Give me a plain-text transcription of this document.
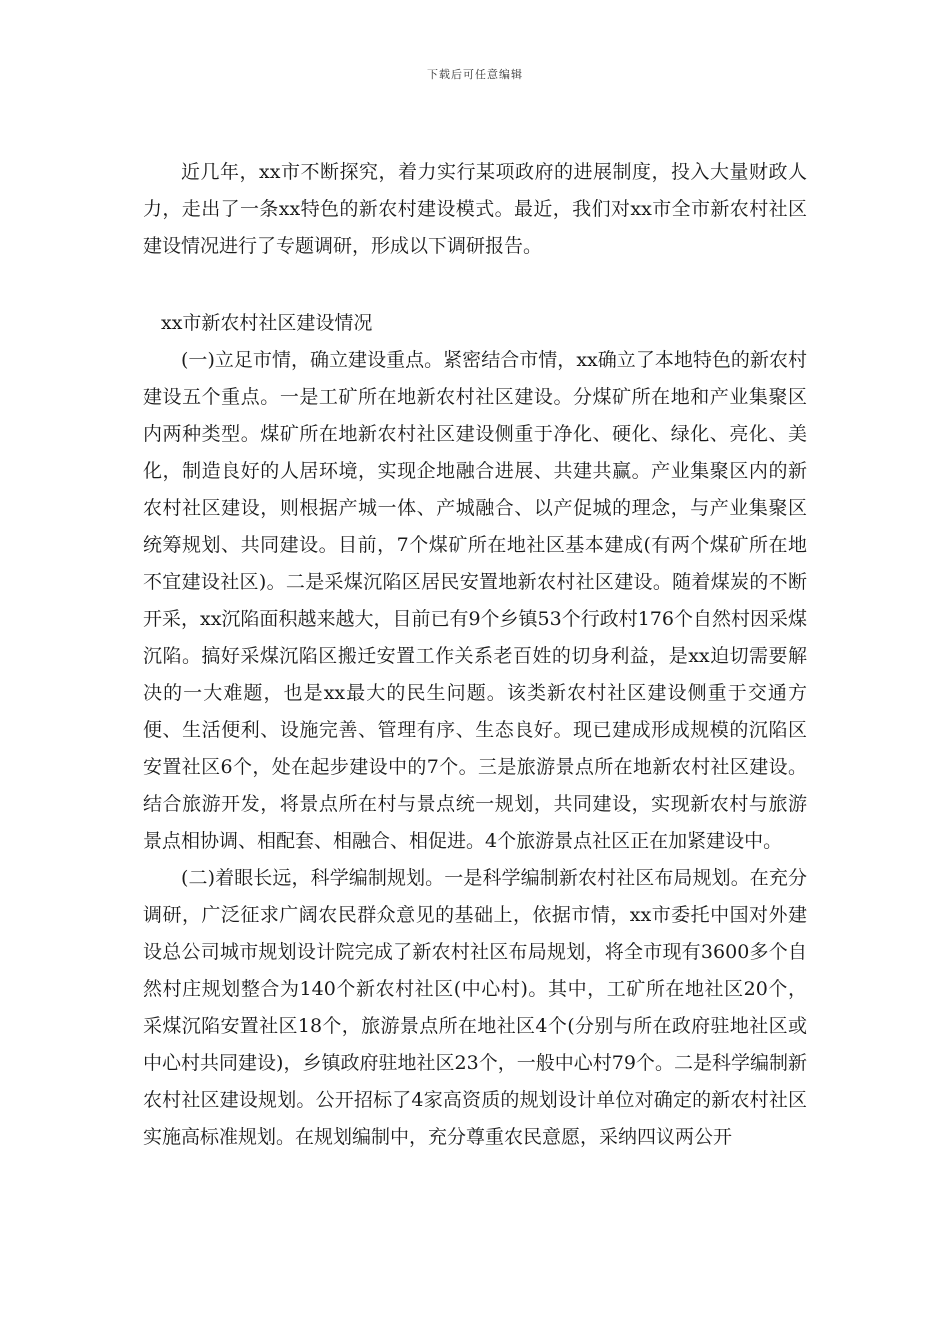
下载后可任意编辑

近几年，xx市不断探究，着力实行某项政府的进展制度，投入大量财政人力，走出了一条xx特色的新农村建设模式。最近，我们对xx市全市新农村社区建设情况进行了专题调研，形成以下调研报告。

xx市新农村社区建设情况

(一)立足市情，确立建设重点。紧密结合市情，xx确立了本地特色的新农村建设五个重点。一是工矿所在地新农村社区建设。分煤矿所在地和产业集聚区内两种类型。煤矿所在地新农村社区建设侧重于净化、硬化、绿化、亮化、美化，制造良好的人居环境，实现企地融合进展、共建共赢。产业集聚区内的新农村社区建设，则根据产城一体、产城融合、以产促城的理念，与产业集聚区统筹规划、共同建设。目前，7个煤矿所在地社区基本建成(有两个煤矿所在地不宜建设社区)。二是采煤沉陷区居民安置地新农村社区建设。随着煤炭的不断开采，xx沉陷面积越来越大，目前已有9个乡镇53个行政村176个自然村因采煤沉陷。搞好采煤沉陷区搬迁安置工作关系老百姓的切身利益，是xx迫切需要解决的一大难题，也是xx最大的民生问题。该类新农村社区建设侧重于交通方便、生活便利、设施完善、管理有序、生态良好。现已建成形成规模的沉陷区安置社区6个，处在起步建设中的7个。三是旅游景点所在地新农村社区建设。结合旅游开发，将景点所在村与景点统一规划，共同建设，实现新农村与旅游景点相协调、相配套、相融合、相促进。4个旅游景点社区正在加紧建设中。

(二)着眼长远，科学编制规划。一是科学编制新农村社区布局规划。在充分调研，广泛征求广阔农民群众意见的基础上，依据市情，xx市委托中国对外建设总公司城市规划设计院完成了新农村社区布局规划，将全市现有3600多个自然村庄规划整合为140个新农村社区(中心村)。其中，工矿所在地社区20个，采煤沉陷安置社区18个，旅游景点所在地社区4个(分别与所在政府驻地社区或中心村共同建设)，乡镇政府驻地社区23个，一般中心村79个。二是科学编制新农村社区建设规划。公开招标了4家高资质的规划设计单位对确定的新农村社区实施高标准规划。在规划编制中，充分尊重农民意愿，采纳四议两公开
